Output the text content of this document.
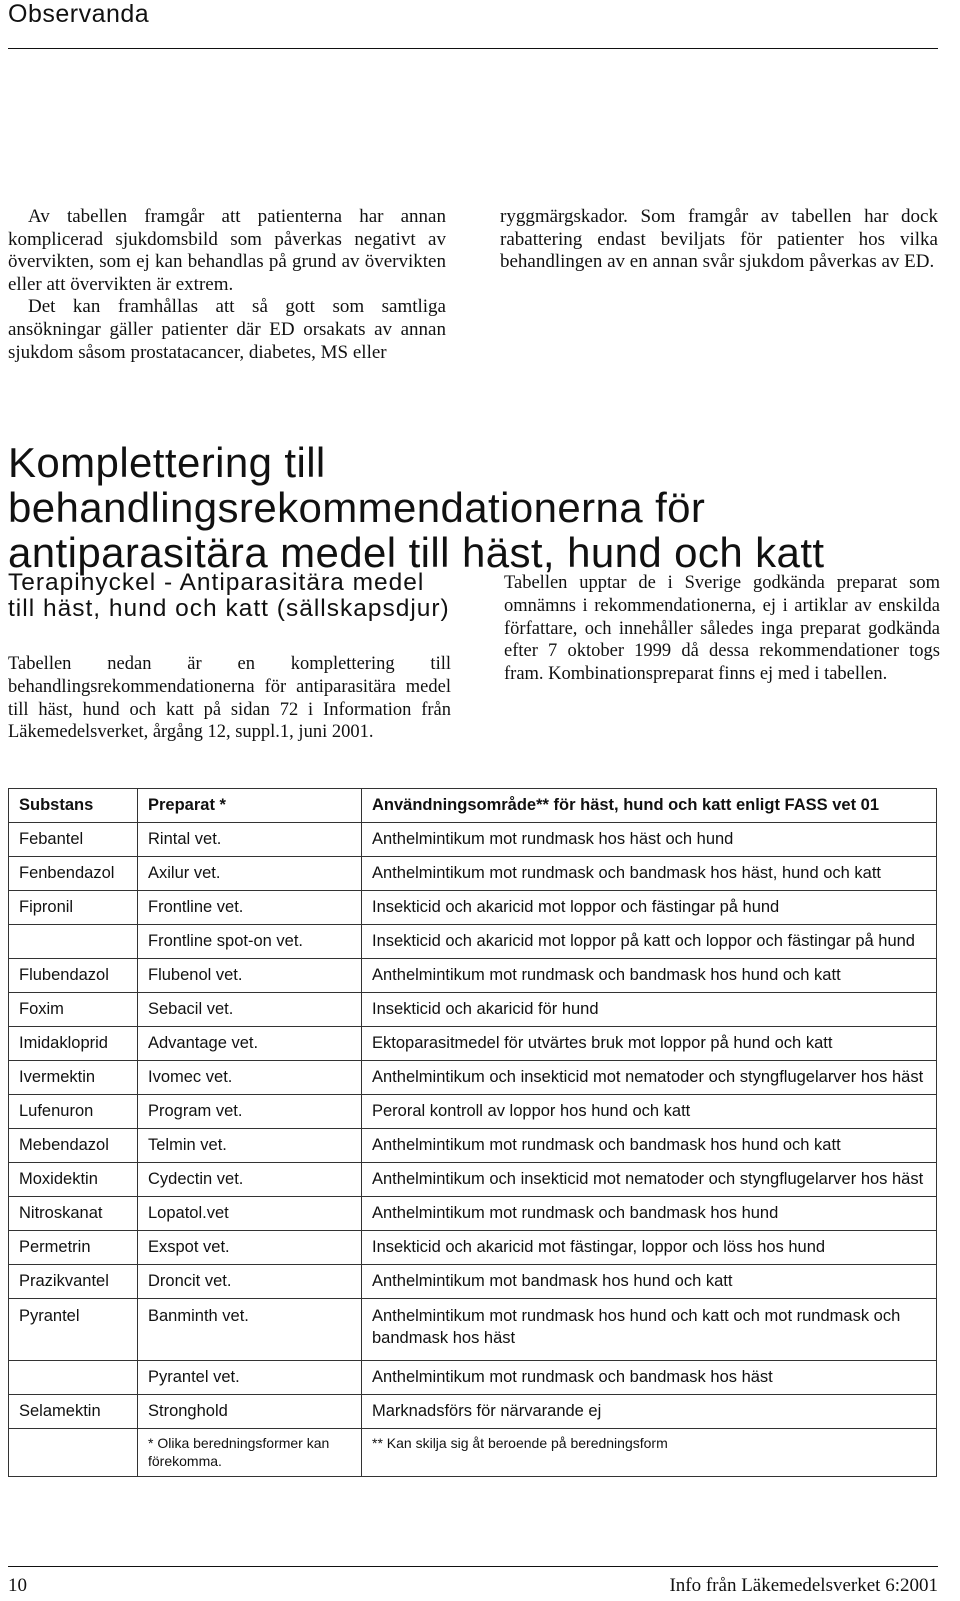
Observanda

Av tabellen framgår att patienterna har annan komplicerad sjukdomsbild som påverkas negativt av övervikten, som ej kan behandlas på grund av övervikten eller att övervikten är extrem.

Det kan framhållas att så gott som samtliga ansökningar gäller patienter där ED orsakats av annan sjukdom såsom prostatacancer, diabetes, MS eller

ryggmärgskador. Som framgår av tabellen har dock rabattering endast beviljats för patienter hos vilka behandlingen av en annan svår sjukdom påverkas av ED.

Komplettering till behandlingsrekommendationerna för antiparasitära medel till häst, hund och katt
Terapinyckel - Antiparasitära medel till häst, hund och katt (sällskapsdjur)
Tabellen nedan är en komplettering till behandlingsrekommendationerna för antiparasitära medel till häst, hund och katt på sidan 72 i Information från Läkemedelsverket, årgång 12, suppl.1, juni 2001.
Tabellen upptar de i Sverige godkända preparat som omnämns i rekommendationerna, ej i artiklar av enskilda författare, och innehåller således inga preparat godkända efter 7 oktober 1999 då dessa rekommendationer togs fram. Kombinationspreparat finns ej med i tabellen.
Substans	Preparat *	Användningsområde** för häst, hund och katt enligt FASS vet 01
Febantel	Rintal vet.	Anthelmintikum mot rundmask hos häst och hund
Fenbendazol	Axilur vet.	Anthelmintikum mot rundmask och bandmask hos häst, hund och katt
Fipronil	Frontline vet.	Insekticid och akaricid mot loppor och fästingar på hund
	Frontline spot-on vet.	Insekticid och akaricid mot loppor på katt och loppor och fästingar på hund
Flubendazol	Flubenol vet.	Anthelmintikum mot rundmask och bandmask hos hund och katt
Foxim	Sebacil vet.	Insekticid och akaricid för hund
Imidakloprid	Advantage vet.	Ektoparasitmedel för utvärtes bruk mot loppor på hund och katt
Ivermektin	Ivomec vet.	Anthelmintikum och insekticid mot nematoder och styngflugelarver hos häst
Lufenuron	Program vet.	Peroral kontroll av loppor hos hund och katt
Mebendazol	Telmin vet.	Anthelmintikum mot rundmask och bandmask hos hund och katt
Moxidektin	Cydectin vet.	Anthelmintikum och insekticid mot nematoder och styngflugelarver hos häst
Nitroskanat	Lopatol.vet	Anthelmintikum mot rundmask och bandmask hos hund
Permetrin	Exspot vet.	Insekticid och akaricid mot fästingar, loppor och löss hos hund
Prazikvantel	Droncit vet.	Anthelmintikum mot bandmask hos hund och katt
Pyrantel	Banminth vet.	Anthelmintikum mot rundmask hos hund och katt och mot rundmask och bandmask hos häst
	Pyrantel vet.	Anthelmintikum mot rundmask och bandmask hos häst
Selamektin	Stronghold	Marknadsförs för närvarande ej
	* Olika beredningsformer kan förekomma.	** Kan skilja sig åt beroende på beredningsform
10	Info från Läkemedelsverket 6:2001
